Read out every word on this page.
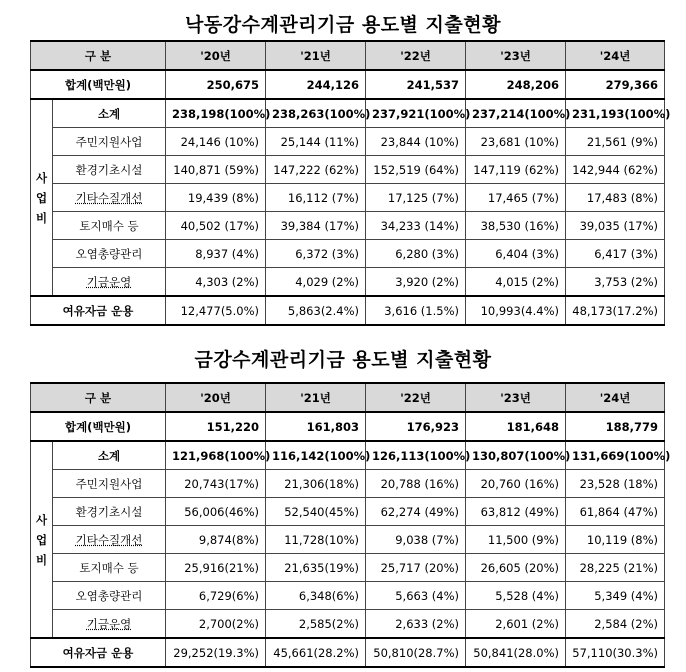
낙동강수계관리기금 용도별 지출현황
구 분		'20년	'21년	'22년	'23년	'24년
합계(백만원)		250,675	244,126	241,537	248,206	279,366
사
업
비	소계	238,198(100%)	238,263(100%)	237,921(100%)	237,214(100%)	231,193(100%)
	주민지원사업	24,146 (10%)	25,144 (11%)	23,844 (10%)	23,681 (10%)	21,561 (9%)
	환경기초시설	140,871 (59%)	147,222 (62%)	152,519 (64%)	147,119 (62%)	142,944 (62%)
	기타수질개선	19,439 (8%)	16,112 (7%)	17,125 (7%)	17,465 (7%)	17,483 (8%)
	토지매수 등	40,502 (17%)	39,384 (17%)	34,233 (14%)	38,530 (16%)	39,035 (17%)
	오염총량관리	8,937 (4%)	6,372 (3%)	6,280 (3%)	6,404 (3%)	6,417 (3%)
	기금운영	4,303 (2%)	4,029 (2%)	3,920 (2%)	4,015 (2%)	3,753 (2%)
여유자금 운용		12,477(5.0%)	5,863(2.4%)	3,616 (1.5%)	10,993(4.4%)	48,173(17.2%)
금강수계관리기금 용도별 지출현황
구 분		'20년	'21년	'22년	'23년	'24년
합계(백만원)		151,220	161,803	176,923	181,648	188,779
사
업
비	소계	121,968(100%)	116,142(100%)	126,113(100%)	130,807(100%)	131,669(100%)
	주민지원사업	20,743(17%)	21,306(18%)	20,788 (16%)	20,760 (16%)	23,528 (18%)
	환경기초시설	56,006(46%)	52,540(45%)	62,274 (49%)	63,812 (49%)	61,864 (47%)
	기타수질개선	9,874(8%)	11,728(10%)	9,038 (7%)	11,500 (9%)	10,119 (8%)
	토지매수 등	25,916(21%)	21,635(19%)	25,717 (20%)	26,605 (20%)	28,225 (21%)
	오염총량관리	6,729(6%)	6,348(6%)	5,663 (4%)	5,528 (4%)	5,349 (4%)
	기금운영	2,700(2%)	2,585(2%)	2,633 (2%)	2,601 (2%)	2,584 (2%)
여유자금 운용		29,252(19.3%)	45,661(28.2%)	50,810(28.7%)	50,841(28.0%)	57,110(30.3%)
